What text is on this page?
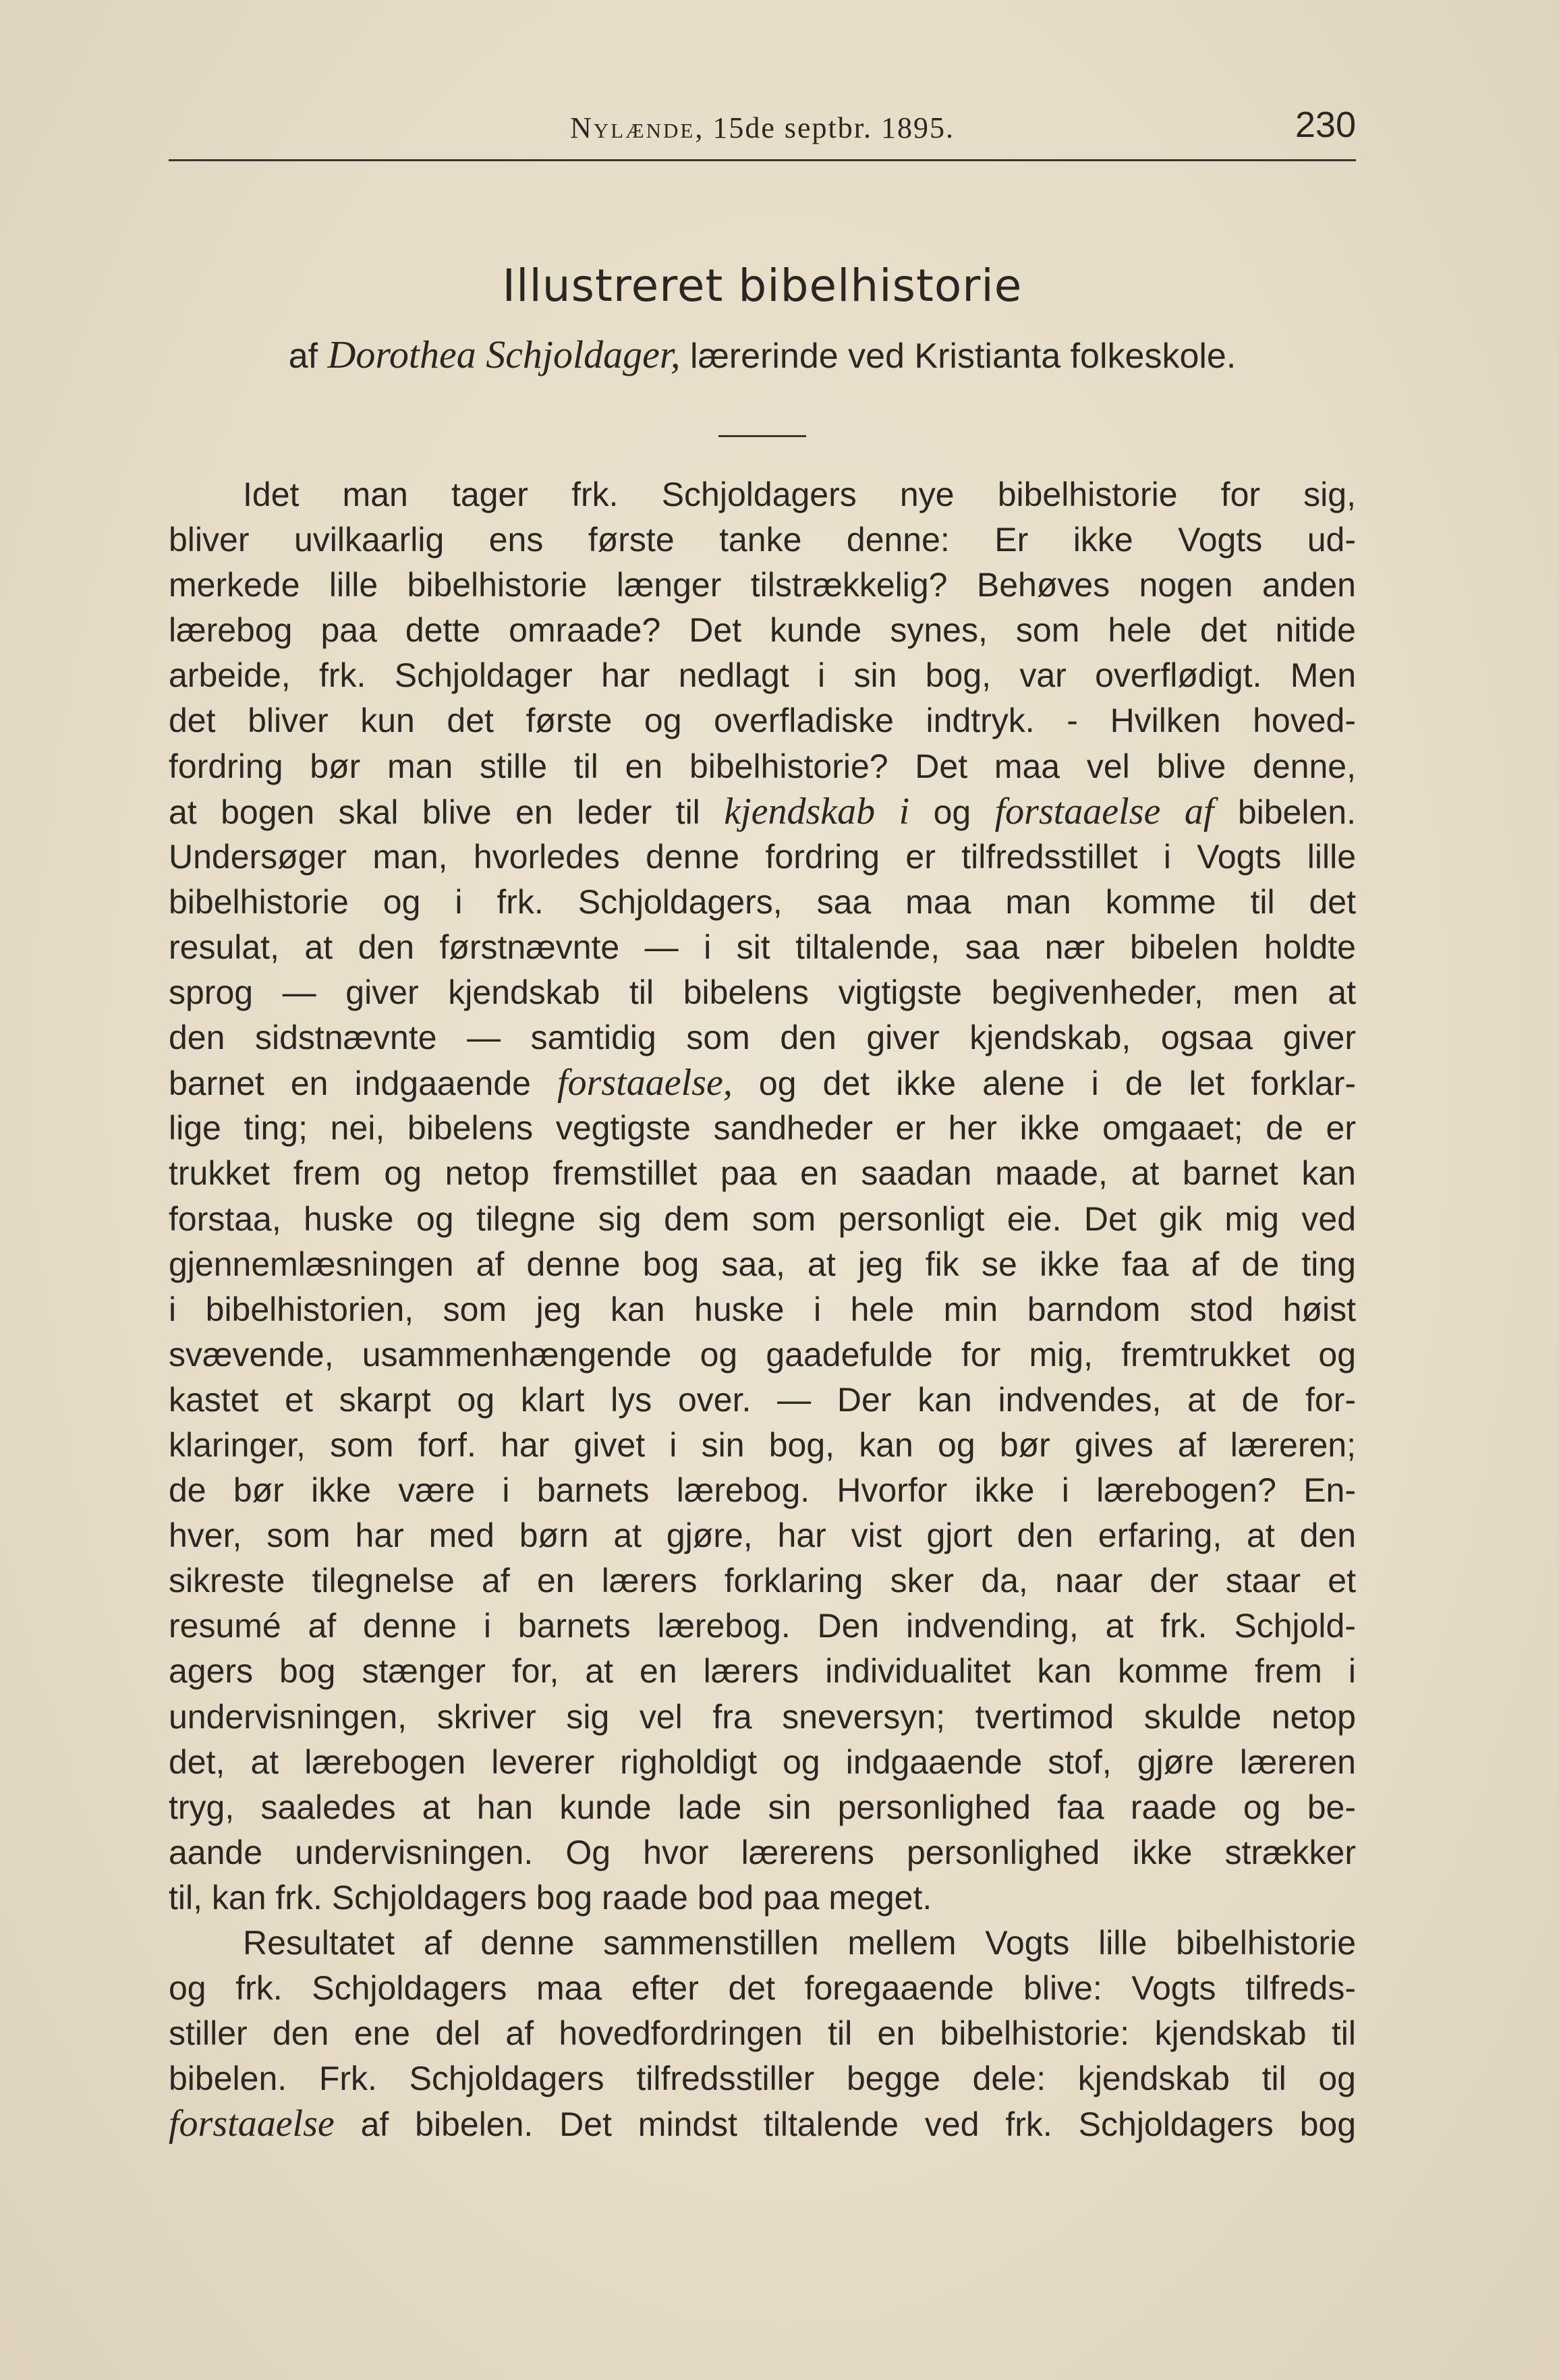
Nylænde, 15de septbr. 1895.	230
Illustreret bibelhistorie
af Dorothea Schjoldager, lærerinde ved Kristianta folkeskole.
Idet man tager frk. Schjoldagers nye bibelhistorie for sig,
bliver uvilkaarlig ens første tanke denne: Er ikke Vogts ud-
merkede lille bibelhistorie længer tilstrækkelig? Behøves nogen anden
lærebog paa dette omraade? Det kunde synes, som hele det nitide
arbeide, frk. Schjoldager har nedlagt i sin bog, var overflødigt. Men
det bliver kun det første og overfladiske indtryk. - Hvilken hoved-
fordring bør man stille til en bibelhistorie? Det maa vel blive denne,
at bogen skal blive en leder til kjendskab i og forstaaelse af bibelen.
Undersøger man, hvorledes denne fordring er tilfredsstillet i Vogts lille
bibelhistorie og i frk. Schjoldagers, saa maa man komme til det
resulat, at den førstnævnte — i sit tiltalende, saa nær bibelen holdte
sprog — giver kjendskab til bibelens vigtigste begivenheder, men at
den sidstnævnte — samtidig som den giver kjendskab, ogsaa giver
barnet en indgaaende forstaaelse, og det ikke alene i de let forklar-
lige ting; nei, bibelens vegtigste sandheder er her ikke omgaaet; de er
trukket frem og netop fremstillet paa en saadan maade, at barnet kan
forstaa, huske og tilegne sig dem som personligt eie. Det gik mig ved
gjennemlæsningen af denne bog saa, at jeg fik se ikke faa af de ting
i bibelhistorien, som jeg kan huske i hele min barndom stod høist
svævende, usammenhængende og gaadefulde for mig, fremtrukket og
kastet et skarpt og klart lys over. — Der kan indvendes, at de for-
klaringer, som forf. har givet i sin bog, kan og bør gives af læreren;
de bør ikke være i barnets lærebog. Hvorfor ikke i lærebogen? En-
hver, som har med børn at gjøre, har vist gjort den erfaring, at den
sikreste tilegnelse af en lærers forklaring sker da, naar der staar et
resumé af denne i barnets lærebog. Den indvending, at frk. Schjold-
agers bog stænger for, at en lærers individualitet kan komme frem i
undervisningen, skriver sig vel fra sneversyn; tvertimod skulde netop
det, at lærebogen leverer righoldigt og indgaaende stof, gjøre læreren
tryg, saaledes at han kunde lade sin personlighed faa raade og be-
aande undervisningen. Og hvor lærerens personlighed ikke strækker
til, kan frk. Schjoldagers bog raade bod paa meget.
Resultatet af denne sammenstillen mellem Vogts lille bibelhistorie
og frk. Schjoldagers maa efter det foregaaende blive: Vogts tilfreds-
stiller den ene del af hovedfordringen til en bibelhistorie: kjendskab til
bibelen. Frk. Schjoldagers tilfredsstiller begge dele: kjendskab til og
forstaaelse af bibelen. Det mindst tiltalende ved frk. Schjoldagers bog
